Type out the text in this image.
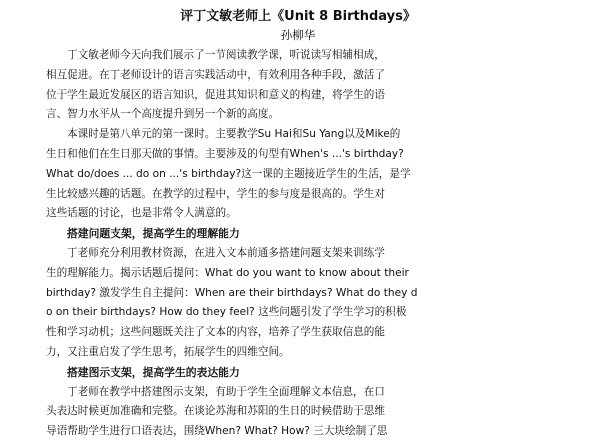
评丁文敏老师上《Unit 8 Birthdays》
孙柳华

丁文敏老师今天向我们展示了一节阅读教学课，听说读写相辅相成，
相互促进。在丁老师设计的语言实践活动中，有效利用各种手段，激活了
位于学生最近发展区的语言知识，促进其知识和意义的构建，将学生的语
言、智力水平从一个高度提升到另一个新的高度。

本课时是第八单元的第一课时。主要教学Su Hai和Su Yang以及Mike的
生日和他们在生日那天做的事情。主要涉及的句型有When's ...'s birthday?
What do/does ... do on ...'s birthday?这一课的主题接近学生的生活，是学
生比较感兴趣的话题。在教学的过程中，学生的参与度是很高的。学生对
这些话题的讨论，也是非常令人满意的。

搭建问题支架，提高学生的理解能力

丁老师充分利用教材资源，在进入文本前通多搭建问题支架来训练学
生的理解能力。揭示话题后提问：What do you want to know about their
birthday? 激发学生自主提问：When are their birthdays? What do they d
o on their birthdays? How do they feel? 这些问题引发了学生学习的积极
性和学习动机；这些问题既关注了文本的内容，培养了学生获取信息的能
力，又注重启发了学生思考，拓展学生的四维空间。

搭建图示支架，提高学生的表达能力

丁老师在教学中搭建图示支架，有助于学生全面理解文本信息，在口
头表达时候更加准确和完整。在谈论苏海和苏阳的生日的时候借助于思维
导语帮助学生进行口语表达，围绕When? What? How? 三大块绘制了思
